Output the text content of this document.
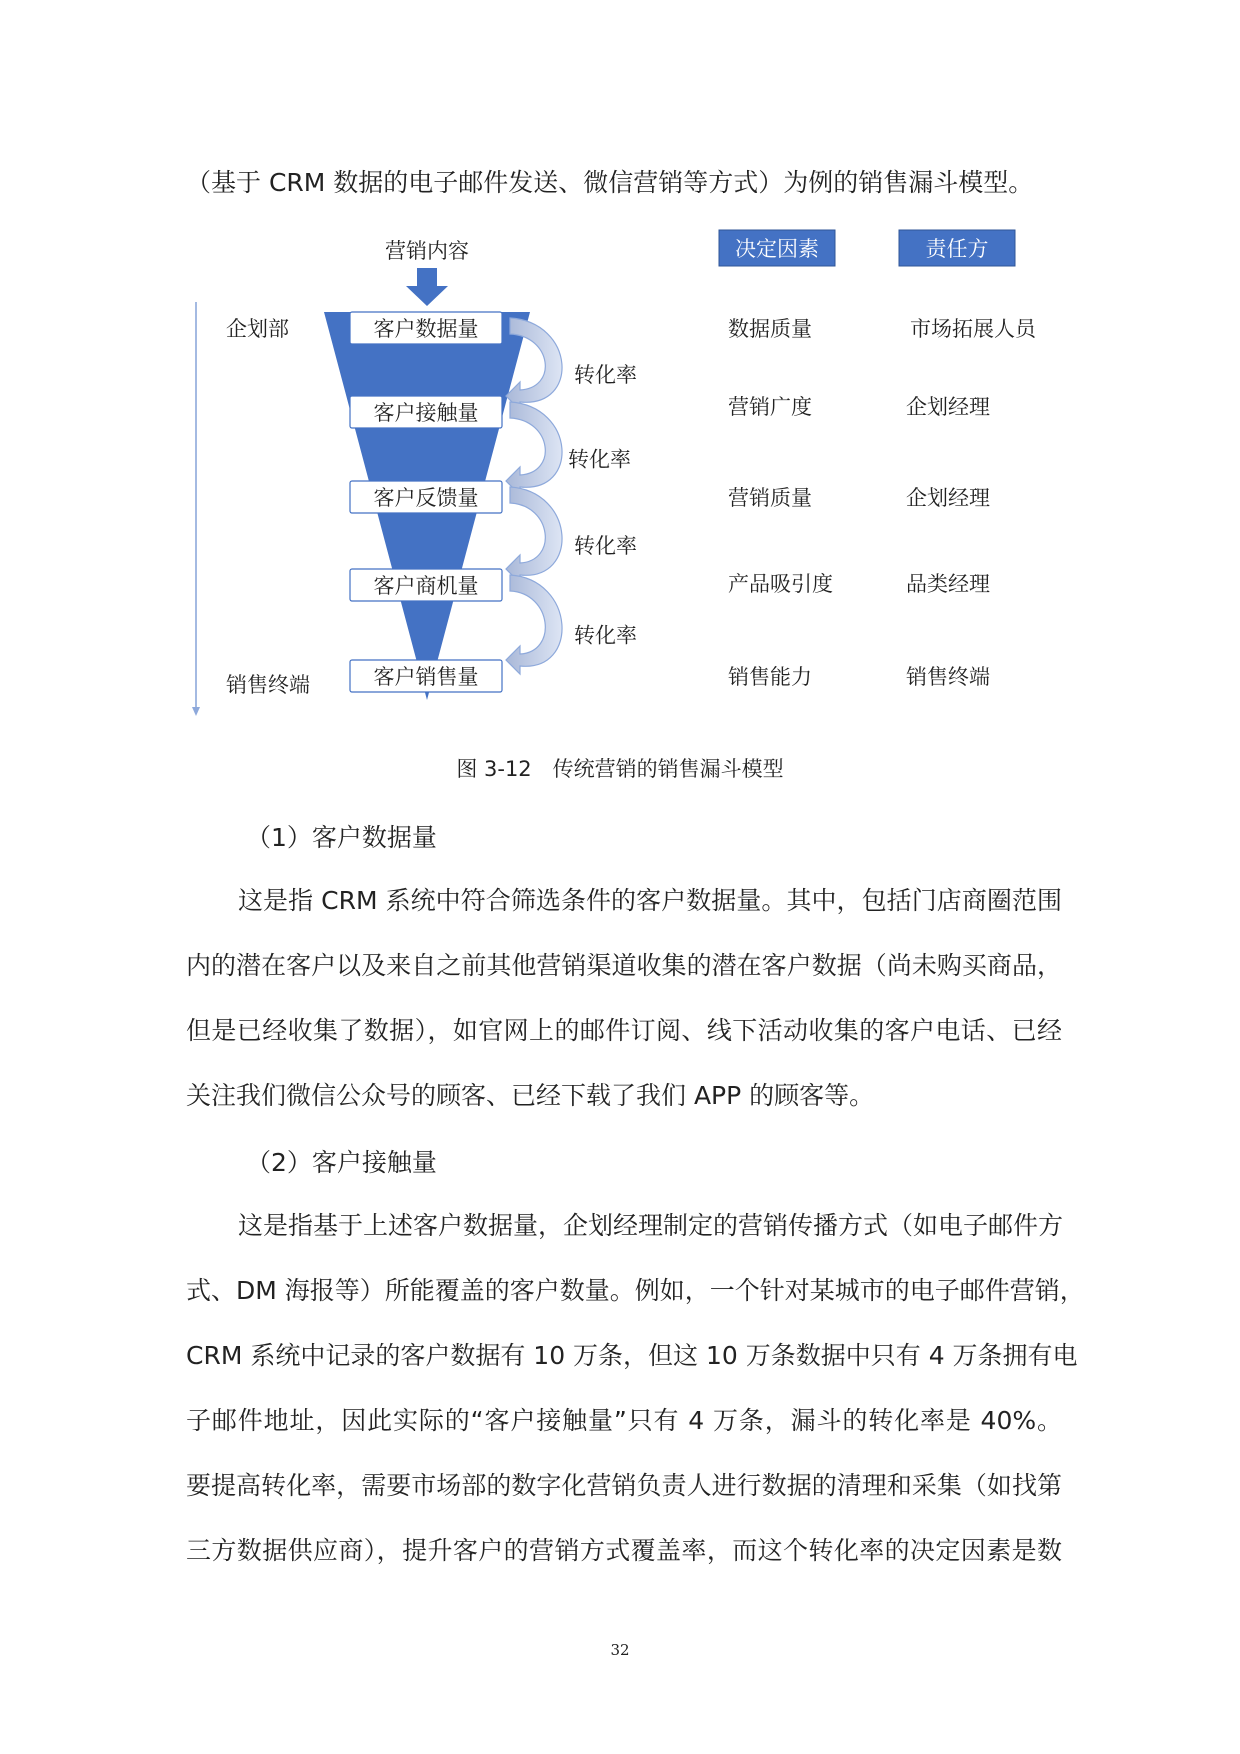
（基于 CRM 数据的电子邮件发送、微信营销等方式）为例的销售漏斗模型。
营销内容
企划部
销售终端
决定因素	责任方
客户数据量	数据质量	市场拓展人员
客户接触量	营销广度	企划经理
客户反馈量	营销质量	企划经理
客户商机量	产品吸引度	品类经理
客户销售量	销售能力	销售终端
转化率
转化率
转化率
转化率
图 3-12　传统营销的销售漏斗模型
（1）客户数据量
这是指 CRM 系统中符合筛选条件的客户数据量。其中，包括门店商圈范围
内的潜在客户以及来自之前其他营销渠道收集的潜在客户数据（尚未购买商品，
但是已经收集了数据），如官网上的邮件订阅、线下活动收集的客户电话、已经
关注我们微信公众号的顾客、已经下载了我们 APP 的顾客等。
（2）客户接触量
这是指基于上述客户数据量，企划经理制定的营销传播方式（如电子邮件方
式、DM 海报等）所能覆盖的客户数量。例如，一个针对某城市的电子邮件营销，
CRM 系统中记录的客户数据有 10 万条，但这 10 万条数据中只有 4 万条拥有电
子邮件地址，因此实际的“客户接触量”只有 4 万条，漏斗的转化率是 40%。
要提高转化率，需要市场部的数字化营销负责人进行数据的清理和采集（如找第
三方数据供应商），提升客户的营销方式覆盖率，而这个转化率的决定因素是数
32
